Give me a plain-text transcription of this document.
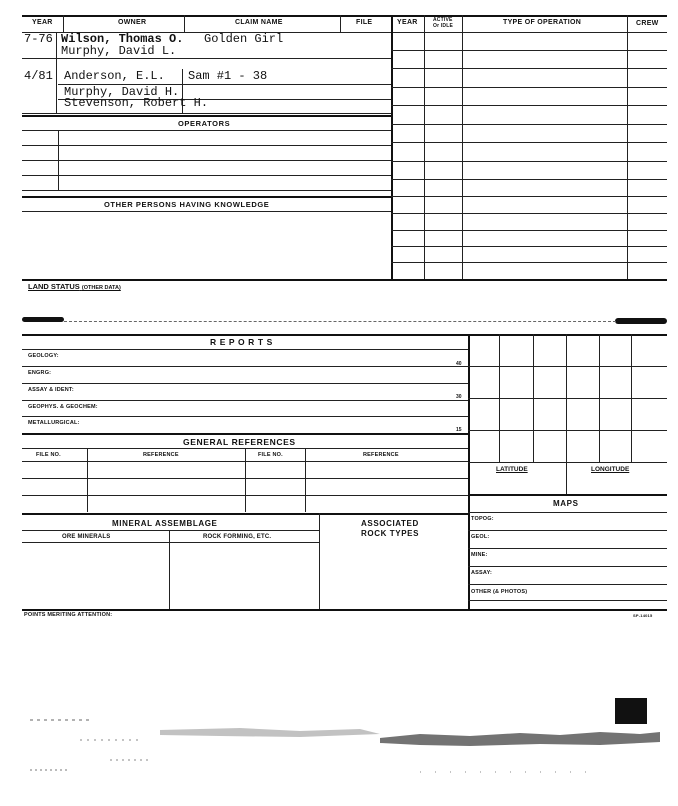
YEAR	OWNER	CLAIM NAME	FILE	YEAR	ACTIVE
Or IDLE	TYPE OF OPERATION	CREW
7-76 Wilson, Thomas O. Golden Girl
Murphy, David L.
4/81 Anderson, E.L. Sam #1 - 38
Murphy, David H.
Stevenson, Robert H.
OPERATORS
OTHER PERSONS HAVING KNOWLEDGE
LAND STATUS (OTHER DATA)
R E P O R T S
GEOLOGY:
40
ENGRG:
ASSAY & IDENT:
30
GEOPHYS. & GEOCHEM:
METALLURGICAL:
15
LATITUDE	LONGITUDE
GENERAL REFERENCES
FILE NO.	REFERENCE	FILE NO.	REFERENCE
MAPS
TOPOG:
GEOL:
MINE:
ASSAY:
OTHER (& PHOTOS)
MINERAL ASSEMBLAGE	ASSOCIATED
ROCK TYPES
ORE MINERALS	ROCK FORMING, ETC.
POINTS MERITING ATTENTION:	SP-14015
